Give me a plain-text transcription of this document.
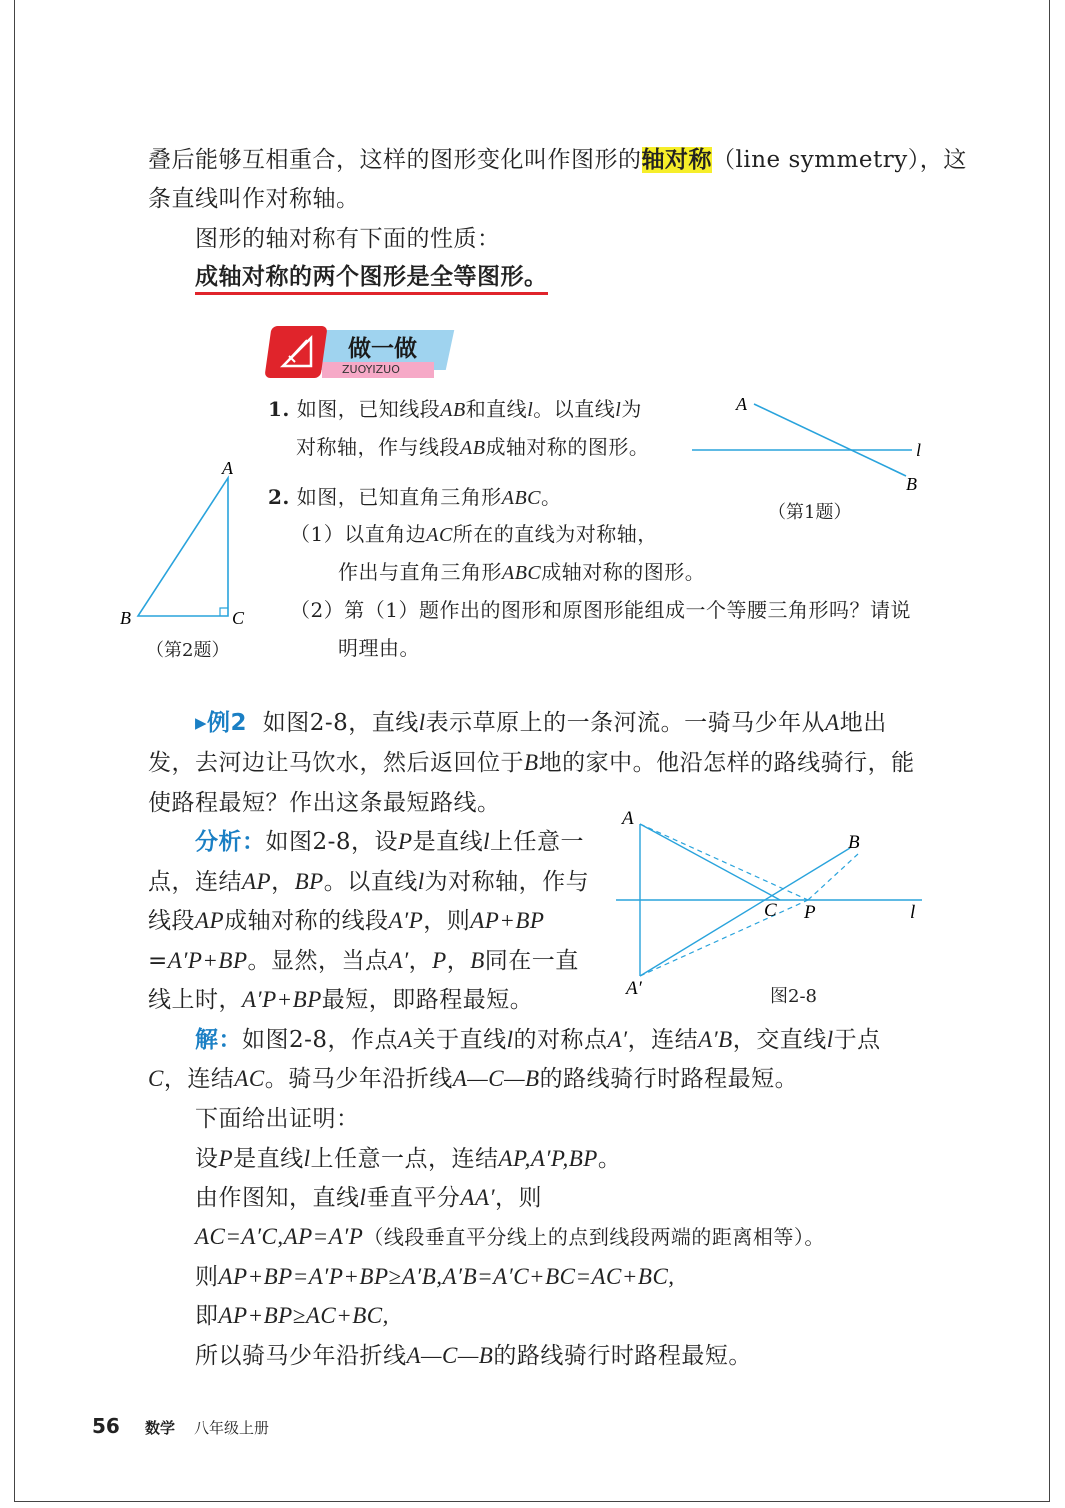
叠后能够互相重合，这样的图形变化叫作图形的轴对称（line symmetry），这
条直线叫作对称轴。
图形的轴对称有下面的性质：
成轴对称的两个图形是全等图形。
做一做
ZUOYIZUO
1. 如图，已知线段AB和直线l。以直线l为
对称轴，作与线段AB成轴对称的图形。
A
B
l
（第1题）
2. 如图，已知直角三角形ABC。
（1）以直角边AC所在的直线为对称轴，
作出与直角三角形ABC成轴对称的图形。
（2）第（1）题作出的图形和原图形能组成一个等腰三角形吗？请说
明理由。
A
B	C
（第2题）
▸例2 如图2-8，直线l表示草原上的一条河流。一骑马少年从A地出
发，去河边让马饮水，然后返回位于B地的家中。他沿怎样的路线骑行，能
使路程最短？作出这条最短路线。
分析：如图2-8，设P是直线l上任意一
点，连结AP，BP。以直线l为对称轴，作与
线段AP成轴对称的线段A′P，则AP+BP
=A′P+BP。显然，当点A′，P，B同在一直
线上时，A′P+BP最短，即路程最短。
A
B
C P	l
A′	图2-8
解：如图2-8，作点A关于直线l的对称点A′，连结A′B，交直线l于点
C，连结AC。骑马少年沿折线A—C—B的路线骑行时路程最短。
下面给出证明：
设P是直线l上任意一点，连结AP,A′P,BP。
由作图知，直线l垂直平分AA′，则
AC=A′C,AP=A′P（线段垂直平分线上的点到线段两端的距离相等）。
则AP+BP=A′P+BP≥A′B,A′B=A′C+BC=AC+BC,
即AP+BP≥AC+BC,
所以骑马少年沿折线A—C—B的路线骑行时路程最短。
56 数学 八年级上册
